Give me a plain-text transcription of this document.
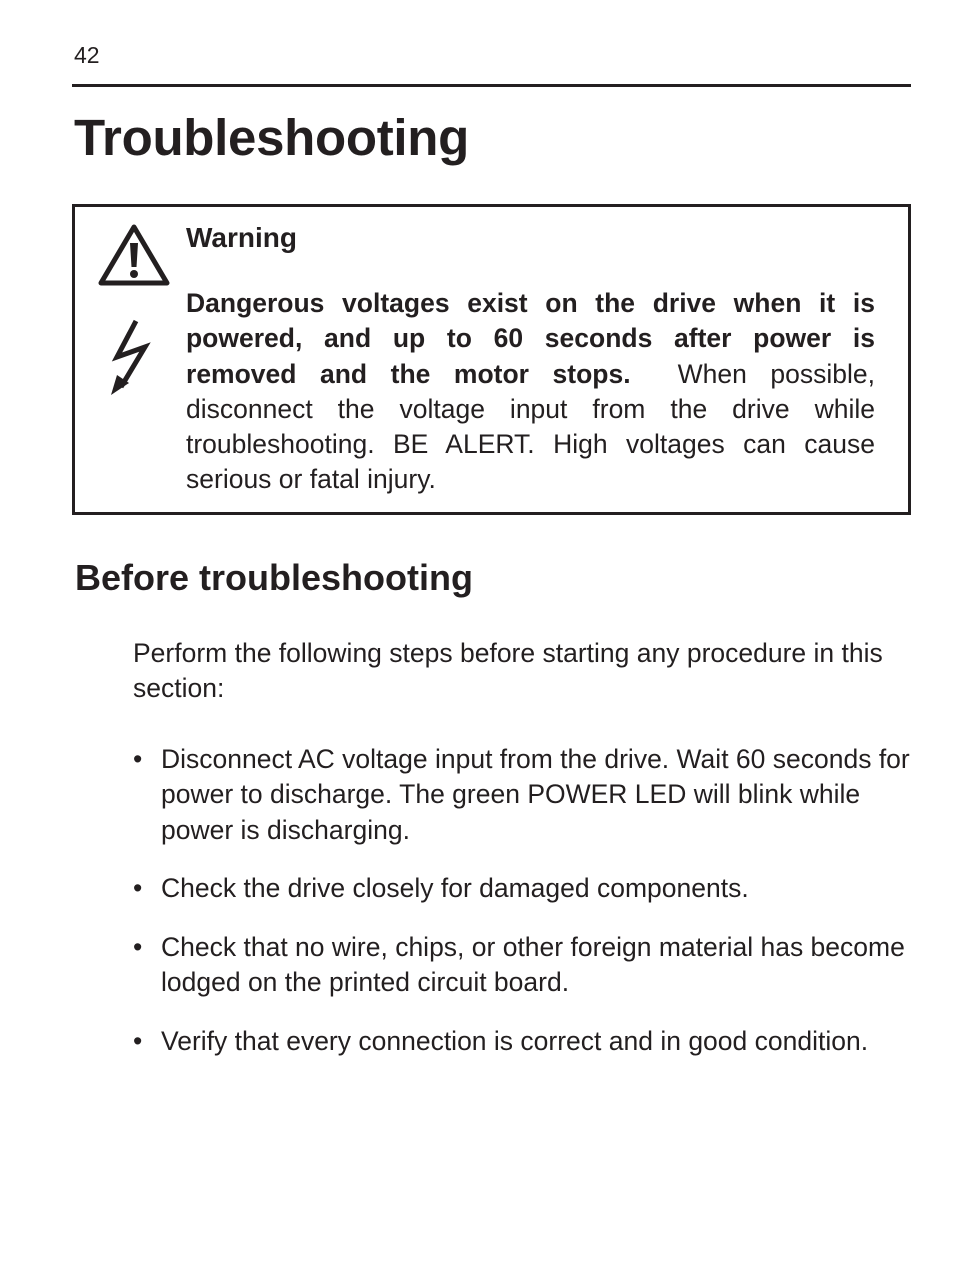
42
Troubleshooting
Warning

Dangerous voltages exist on the drive when it is powered, and up to 60 seconds after power is removed and the motor stops. When possible, disconnect the voltage input from the drive while troubleshooting. BE ALERT. High voltages can cause serious or fatal injury.

Before troubleshooting

Perform the following steps before starting any procedure in this section:

• Disconnect AC voltage input from the drive. Wait 60 seconds for power to discharge. The green POWER LED will blink while power is discharging.
• Check the drive closely for damaged components.
• Check that no wire, chips, or other foreign material has become lodged on the printed circuit board.
• Verify that every connection is correct and in good condition.
